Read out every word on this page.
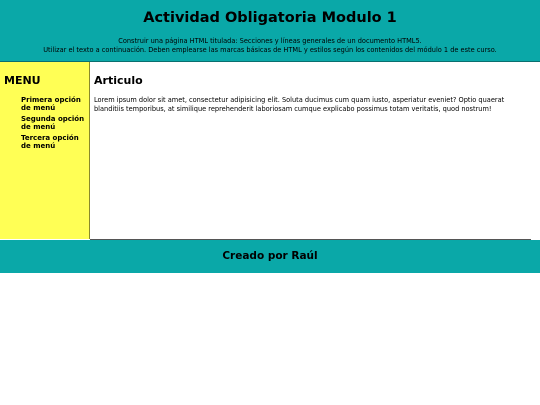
Actividad Obligatoria Modulo 1
Construir una página HTML titulada: Secciones y líneas generales de un documento HTML5.
Utilizar el texto a continuación. Deben emplearse las marcas básicas de HTML y estilos según los contenidos del módulo 1 de este curso.
MENU
Primera opción de menú
Segunda opción de menú
Tercera opción de menú
Articulo

Lorem ipsum dolor sit amet, consectetur adipisicing elit. Soluta ducimus cum quam iusto, asperiatur eveniet? Optio quaerat blanditiis temporibus, at similique reprehenderit laboriosam cumque explicabo possimus totam veritatis, quod nostrum!

Creado por Raúl
